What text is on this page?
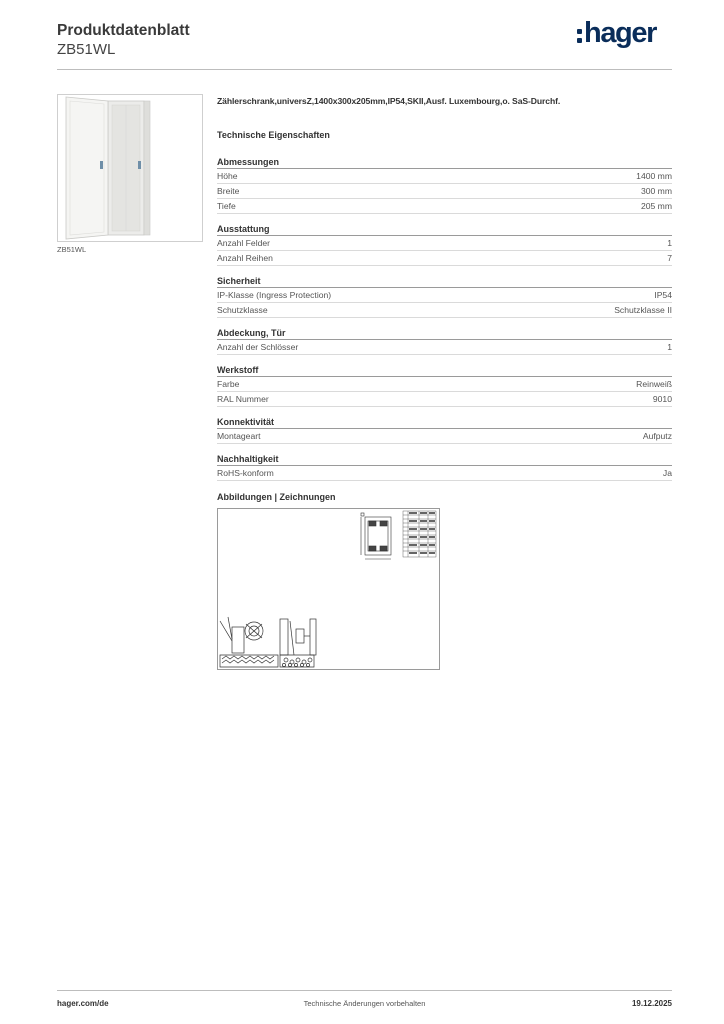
Produktdatenblatt
ZB51WL
hager
ZB51WL
Zählerschrank,universZ,1400x300x205mm,IP54,SKII,Ausf. Luxembourg,o. SaS-Durchf.
Technische Eigenschaften
Abmessungen
Höhe	1400 mm
Breite	300 mm
Tiefe	205 mm
Ausstattung
Anzahl Felder	1
Anzahl Reihen	7
Sicherheit
IP-Klasse (Ingress Protection)	IP54
Schutzklasse	Schutzklasse II
Abdeckung, Tür
Anzahl der Schlösser	1
Werkstoff
Farbe	Reinweiß
RAL Nummer	9010
Konnektivität
Montageart	Aufputz
Nachhaltigkeit
RoHS-konform	Ja
Abbildungen | Zeichnungen
hager.com/de	Technische Änderungen vorbehalten	19.12.2025
